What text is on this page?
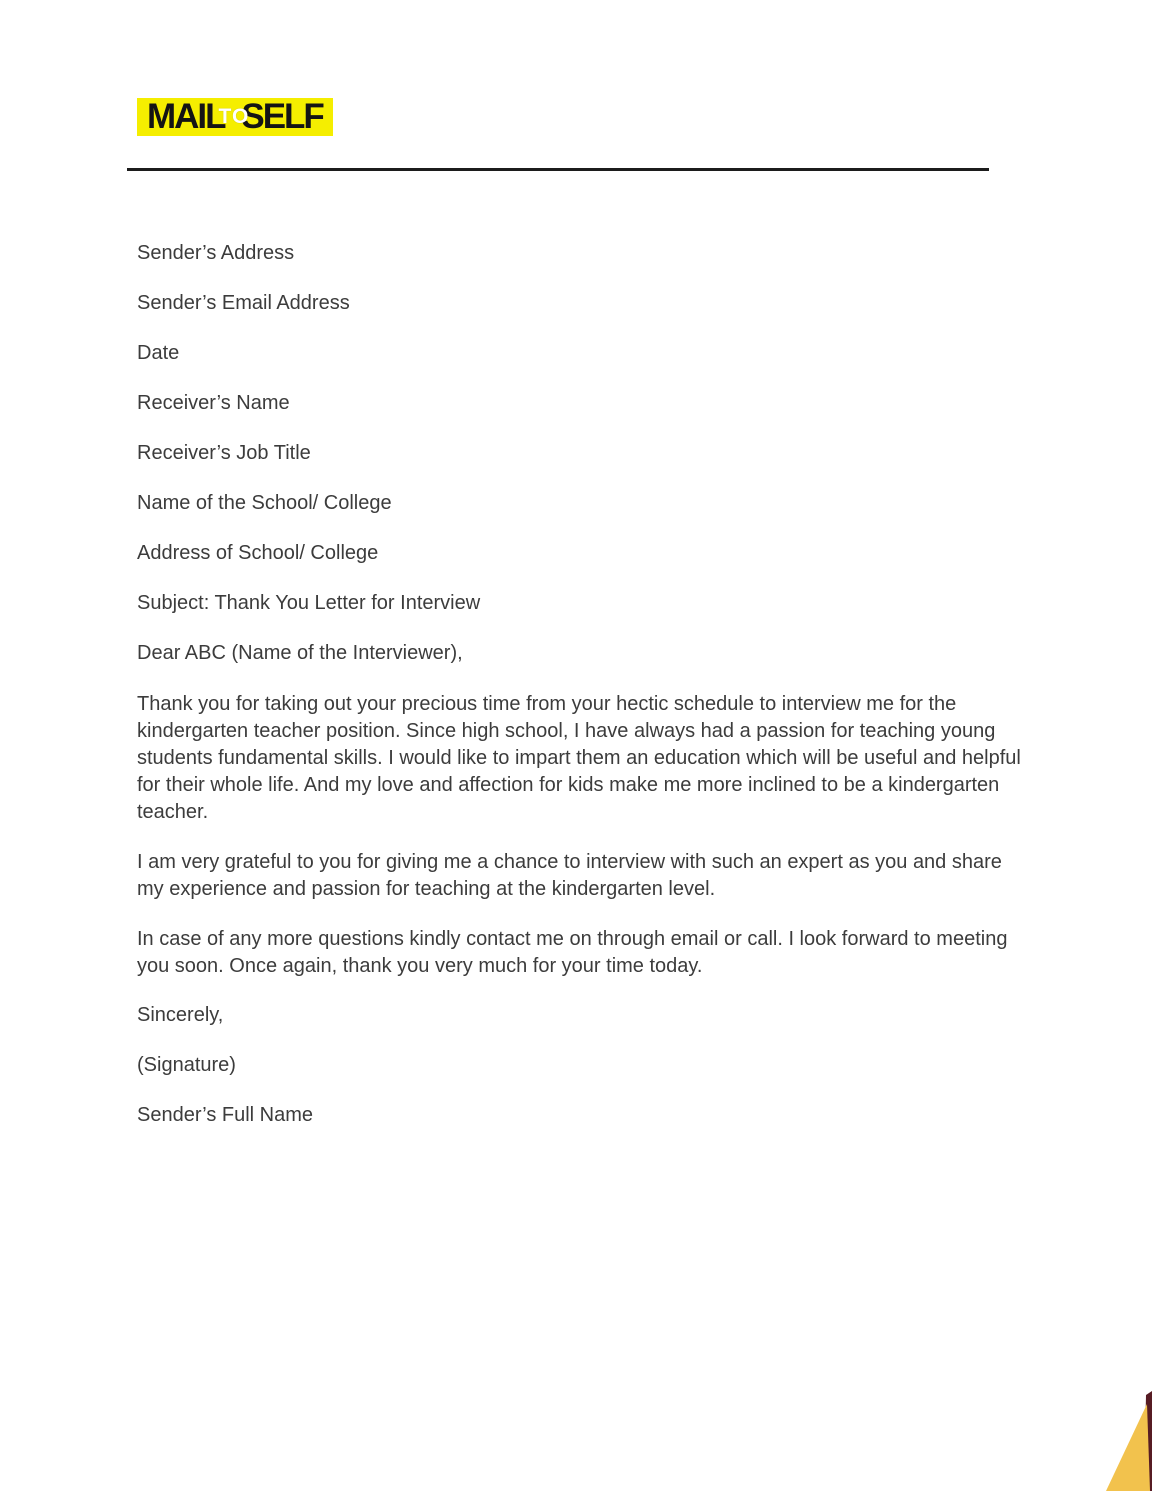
MAIL
TO
SELF

Sender’s Address

Sender’s Email Address

Date

Receiver’s Name

Receiver’s Job Title

Name of the School/ College

Address of School/ College

Subject: Thank You Letter for Interview

Dear ABC (Name of the Interviewer),

Thank you for taking out your precious time from your hectic schedule to interview me for the kindergarten teacher position. Since high school, I have always had a passion for teaching young students fundamental skills. I would like to impart them an education which will be useful and helpful for their whole life. And my love and affection for kids make me more inclined to be a kindergarten teacher.

I am very grateful to you for giving me a chance to interview with such an expert as you and share my experience and passion for teaching at the kindergarten level.

In case of any more questions kindly contact me on through email or call. I look forward to meeting you soon. Once again, thank you very much for your time today.

Sincerely,

(Signature)

Sender’s Full Name
